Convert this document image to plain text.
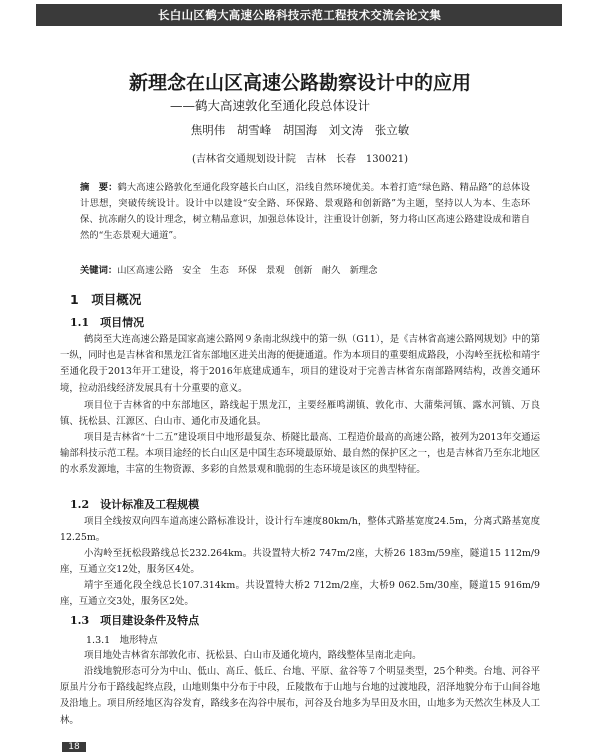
长白山区鹤大高速公路科技示范工程技术交流会论文集
新理念在山区高速公路勘察设计中的应用
——鹤大高速敦化至通化段总体设计
焦明伟　胡雪峰　胡国海　刘文涛　张立敏
(吉林省交通规划设计院　吉林　长春　130021)
摘　要：鹤大高速公路敦化至通化段穿越长白山区，沿线自然环境优美。本着打造“绿色路、精品路”的总体设计思想，突破传统设计。设计中以建设“安全路、环保路、景观路和创新路”为主题，坚持以人为本、生态环保、抗冻耐久的设计理念，树立精品意识，加强总体设计，注重设计创新，努力将山区高速公路建设成和谐自然的“生态景观大通道”。
关键词：山区高速公路　安全　生态　环保　景观　创新　耐久　新理念
1　项目概况
1.1　项目情况
鹤岗至大连高速公路是国家高速公路网９条南北纵线中的第一纵（G11），是《吉林省高速公路网规划》中的第一纵，同时也是吉林省和黑龙江省东部地区进关出海的便捷通道。作为本项目的重要组成路段，小沟岭至抚松和靖宇至通化段于2013年开工建设，将于2016年底建成通车，项目的建设对于完善吉林省东南部路网结构，改善交通环境，拉动沿线经济发展具有十分重要的意义。
项目位于吉林省的中东部地区，路线起于黑龙江，主要经雁鸣湖镇、敦化市、大蒲柴河镇、露水河镇、万良镇、抚松县、江源区、白山市、通化市及通化县。
项目是吉林省“十二五”建设项目中地形最复杂、桥隧比最高、工程造价最高的高速公路，被列为2013年交通运输部科技示范工程。本项目途经的长白山区是中国生态环境最原始、最自然的保护区之一，也是吉林省乃至东北地区的水系发源地，丰富的生物资源、多彩的自然景观和脆弱的生态环境是该区的典型特征。
1.2　设计标准及工程规模
项目全线按双向四车道高速公路标准设计，设计行车速度80km/h，整体式路基宽度24.5m，分离式路基宽度12.25m。
小沟岭至抚松段路线总长232.264km。共设置特大桥2 747m/2座，大桥26 183m/59座，隧道15 112m/9座，互通立交12处，服务区4处。
靖宇至通化段全线总长107.314km。共设置特大桥2 712m/2座，大桥9 062.5m/30座，隧道15 916m/9座，互通立交3处，服务区2处。
1.3　项目建设条件及特点
1.3.1　地形特点
项目地处吉林省东部敦化市、抚松县、白山市及通化境内，路线整体呈南北走向。
沿线地貌形态可分为中山、低山、高丘、低丘、台地、平原、盆谷等７个明显类型，25个种类。台地、河谷平原虽片分布于路线起终点段，山地则集中分布于中段，丘陵散布于山地与台地的过渡地段，沼泽地貌分布于山间谷地及沿地上。项目所经地区沟谷发育，路线多在沟谷中展布，河谷及台地多为旱田及水田，山地多为天然次生林及人工林。
18
